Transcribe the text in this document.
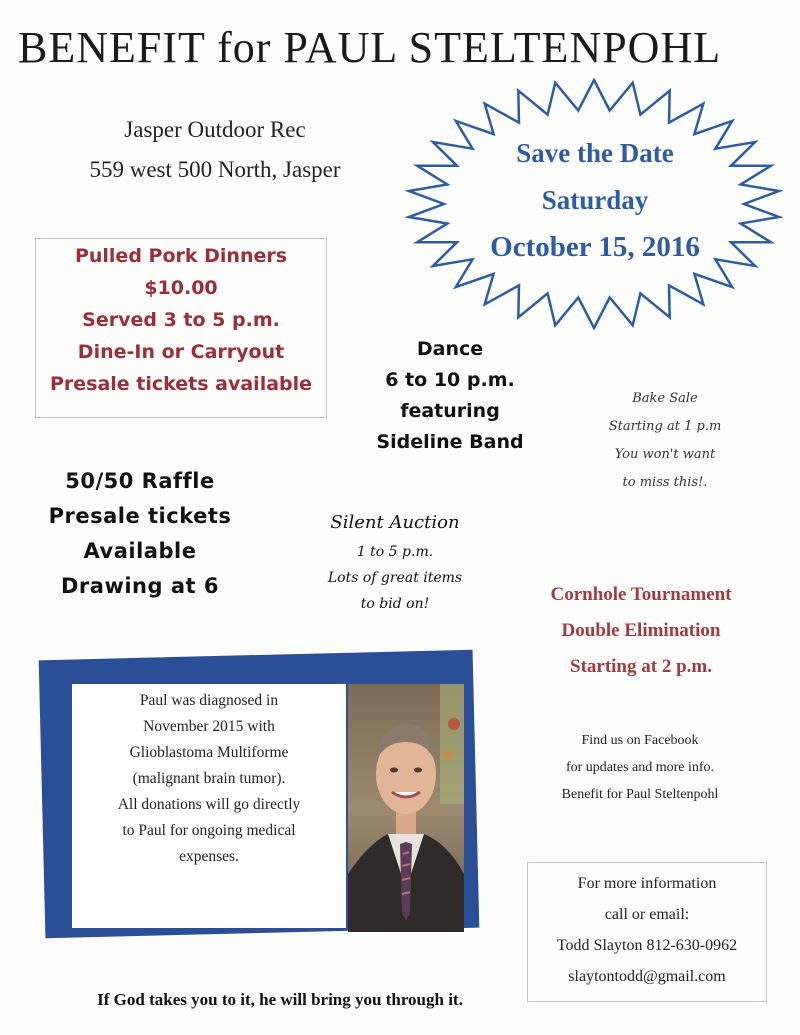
BENEFIT for PAUL STELTENPOHL
Jasper Outdoor Rec
559 west 500 North, Jasper
Save the Date
Saturday
October 15, 2016
Pulled Pork Dinners
$10.00
Served 3 to 5 p.m.
Dine-In or Carryout
Presale tickets available
Dance
6 to 10 p.m.
featuring
Sideline Band
Bake Sale
Starting at 1 p.m
You won't want
to miss this!.
50/50 Raffle
Presale tickets
Available
Drawing at 6
Silent Auction
1 to 5 p.m.
Lots of great items
to bid on!	Cornhole Tournament
Double Elimination
Starting at 2 p.m.
Paul was diagnosed in
November 2015 with
Glioblastoma Multiforme
(malignant brain tumor).
All donations will go directly
to Paul for ongoing medical
expenses.
Find us on Facebook
for updates and more info.
Benefit for Paul Steltenpohl
For more information
call or email:
Todd Slayton 812-630-0962
slaytontodd@gmail.com
If God takes you to it, he will bring you through it.
